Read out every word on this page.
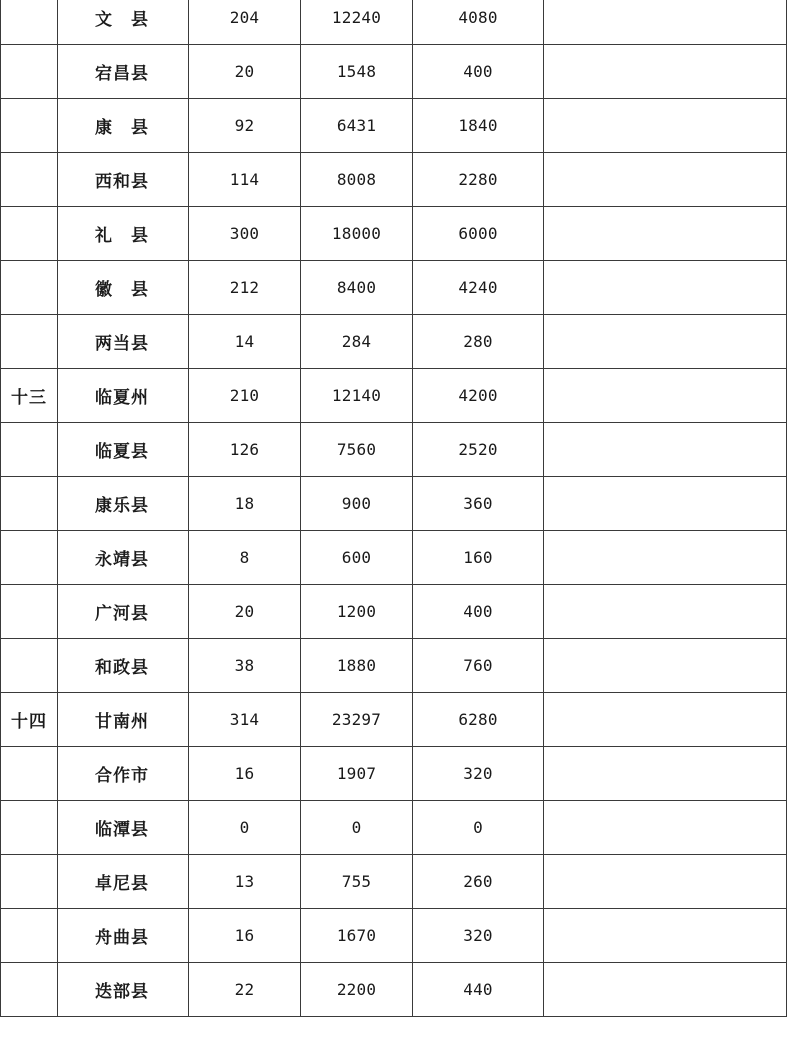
	文　县	204	12240	4080	
	宕昌县	20	1548	400	
	康　县	92	6431	1840	
	西和县	114	8008	2280	
	礼　县	300	18000	6000	
	徽　县	212	8400	4240	
	两当县	14	284	280	
十三	临夏州	210	12140	4200	
	临夏县	126	7560	2520	
	康乐县	18	900	360	
	永靖县	8	600	160	
	广河县	20	1200	400	
	和政县	38	1880	760	
十四	甘南州	314	23297	6280	
	合作市	16	1907	320	
	临潭县	0	0	0	
	卓尼县	13	755	260	
	舟曲县	16	1670	320	
	迭部县	22	2200	440	
